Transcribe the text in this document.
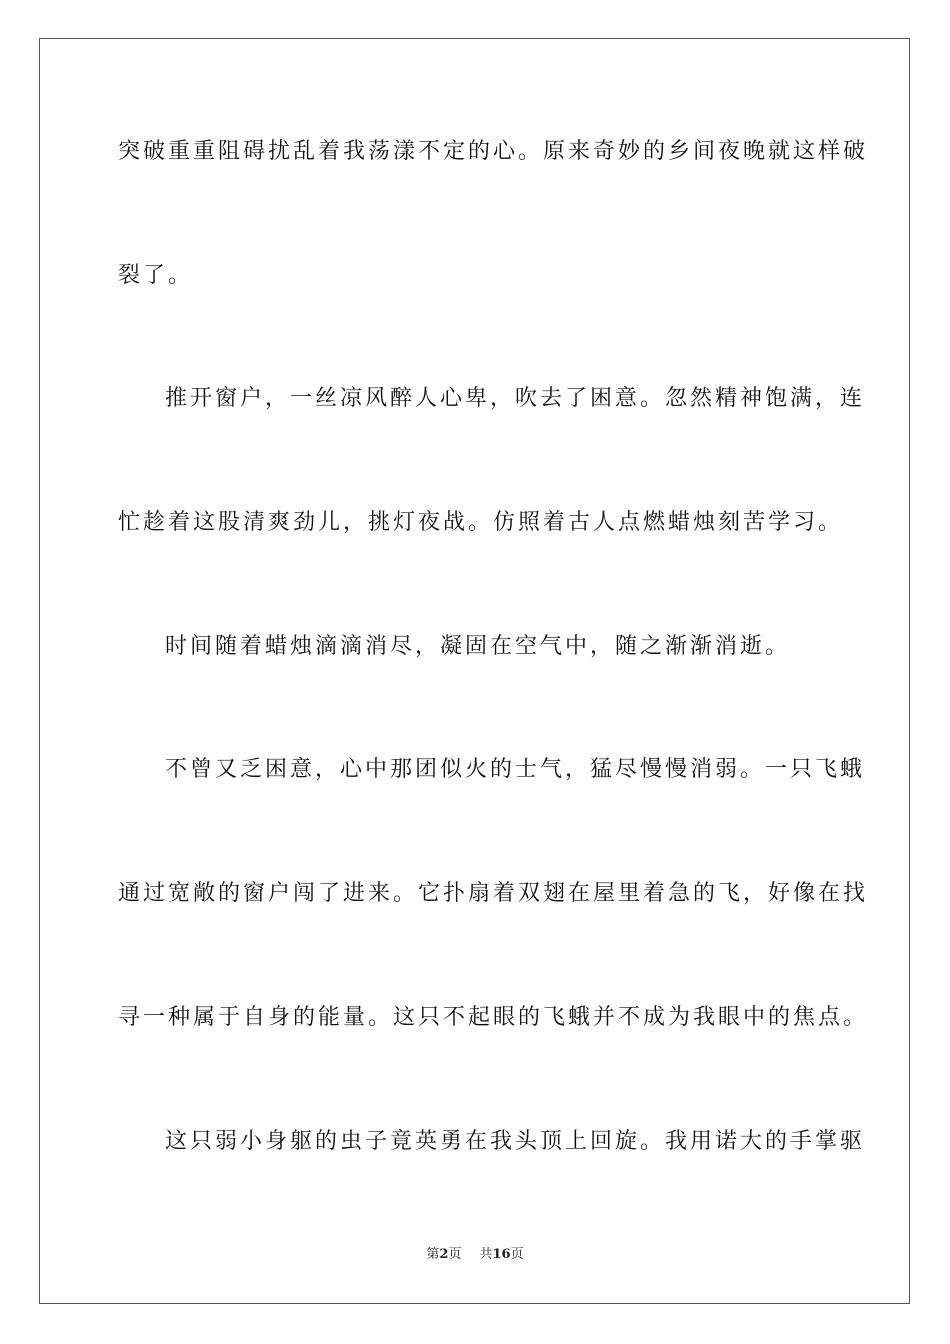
突破重重阻碍扰乱着我荡漾不定的心。原来奇妙的乡间夜晚就这样破
裂了。
推开窗户，一丝凉风醉人心卑，吹去了困意。忽然精神饱满，连
忙趁着这股清爽劲儿，挑灯夜战。仿照着古人点燃蜡烛刻苦学习。
时间随着蜡烛滴滴消尽，凝固在空气中，随之渐渐消逝。
不曾又乏困意，心中那团似火的士气，猛尽慢慢消弱。一只飞蛾
通过宽敞的窗户闯了进来。它扑扇着双翅在屋里着急的飞，好像在找
寻一种属于自身的能量。这只不起眼的飞蛾并不成为我眼中的焦点。
这只弱小身躯的虫子竟英勇在我头顶上回旋。我用诺大的手掌驱
第2页 共16页
